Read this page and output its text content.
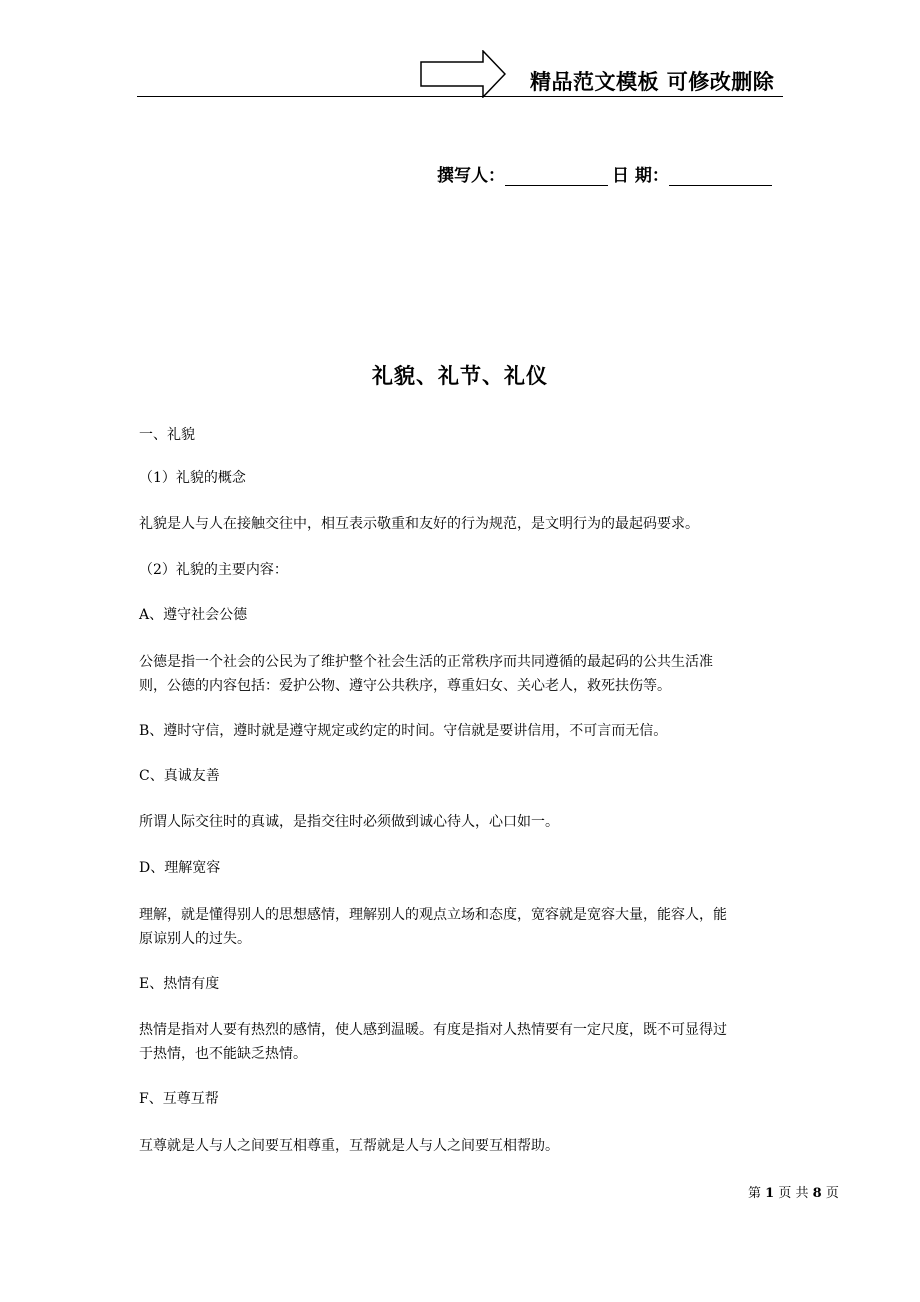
精品范文模板 可修改删除
撰写人：	日 期：
礼貌、礼节、礼仪
一、礼貌
（1）礼貌的概念
礼貌是人与人在接触交往中，相互表示敬重和友好的行为规范，是文明行为的最起码要求。
（2）礼貌的主要内容：
A、遵守社会公德
公德是指一个社会的公民为了维护整个社会生活的正常秩序而共同遵循的最起码的公共生活准
则，公德的内容包括：爱护公物、遵守公共秩序，尊重妇女、关心老人，救死扶伤等。
B、遵时守信，遵时就是遵守规定或约定的时间。守信就是要讲信用，不可言而无信。
C、真诚友善
所谓人际交往时的真诚，是指交往时必须做到诚心待人，心口如一。
D、理解宽容
理解，就是懂得别人的思想感情，理解别人的观点立场和态度，宽容就是宽容大量，能容人，能
原谅别人的过失。
E、热情有度
热情是指对人要有热烈的感情，使人感到温暖。有度是指对人热情要有一定尺度，既不可显得过
于热情，也不能缺乏热情。
F、互尊互帮
互尊就是人与人之间要互相尊重，互帮就是人与人之间要互相帮助。
第 1 页 共 8 页
